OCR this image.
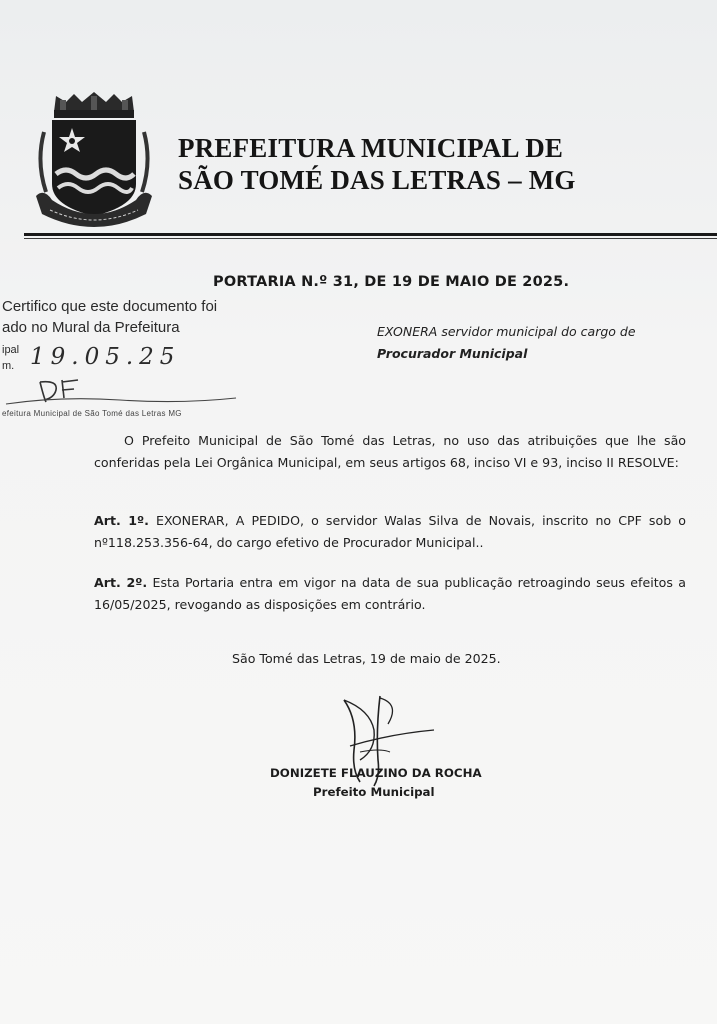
PREFEITURA MUNICIPAL DE
SÃO TOMÉ DAS LETRAS – MG
PORTARIA N.º 31, DE 19 DE MAIO DE 2025.
Certifico que este documento foi
ado no Mural da Prefeitura
ipal
m. 19.05.25
efeitura Municipal de São Tomé das Letras MG
EXONERA servidor municipal do cargo de
Procurador Municipal
O Prefeito Municipal de São Tomé das Letras, no uso das atribuições que lhe são conferidas pela Lei Orgânica Municipal, em seus artigos 68, inciso VI e 93, inciso II RESOLVE:

Art. 1º. EXONERAR, A PEDIDO, o servidor Walas Silva de Novais, inscrito no CPF sob o nº118.253.356-64, do cargo efetivo de Procurador Municipal..

Art. 2º. Esta Portaria entra em vigor na data de sua publicação retroagindo seus efeitos a 16/05/2025, revogando as disposições em contrário.

São Tomé das Letras, 19 de maio de 2025.
DONIZETE FLAUZINO DA ROCHA
Prefeito Municipal
